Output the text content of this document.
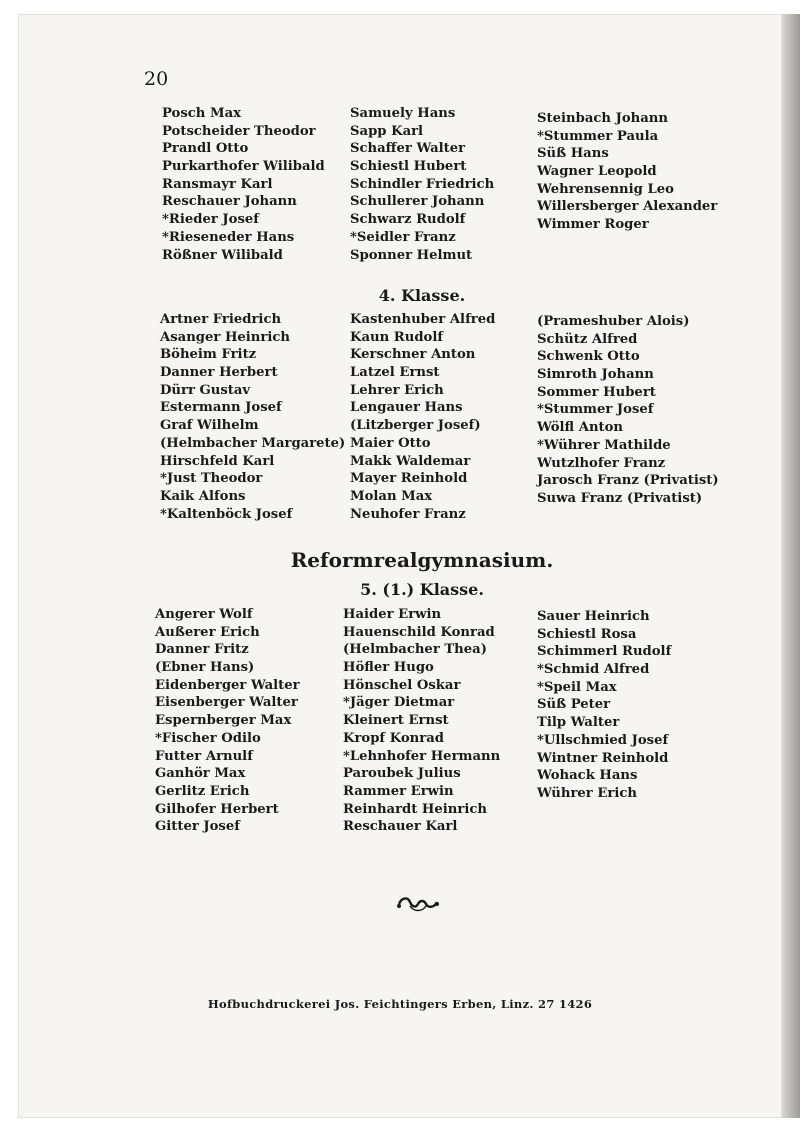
20
Posch Max
Potscheider Theodor
Prandl Otto
Purkarthofer Wilibald
Ransmayr Karl
Reschauer Johann
*Rieder Josef
*Rieseneder Hans
Rößner Wilibald
Samuely Hans
Sapp Karl
Schaffer Walter
Schiestl Hubert
Schindler Friedrich
Schullerer Johann
Schwarz Rudolf
*Seidler Franz
Sponner Helmut
Steinbach Johann
*Stummer Paula
Süß Hans
Wagner Leopold
Wehrensennig Leo
Willersberger Alexander
Wimmer Roger
4. Klasse.
Artner Friedrich
Asanger Heinrich
Böheim Fritz
Danner Herbert
Dürr Gustav
Estermann Josef
Graf Wilhelm
(Helmbacher Margarete)
Hirschfeld Karl
*Just Theodor
Kaik Alfons
*Kaltenböck Josef
Kastenhuber Alfred
Kaun Rudolf
Kerschner Anton
Latzel Ernst
Lehrer Erich
Lengauer Hans
(Litzberger Josef)
Maier Otto
Makk Waldemar
Mayer Reinhold
Molan Max
Neuhofer Franz
(Prameshuber Alois)
Schütz Alfred
Schwenk Otto
Simroth Johann
Sommer Hubert
*Stummer Josef
Wölfl Anton
*Wührer Mathilde
Wutzlhofer Franz
Jarosch Franz (Privatist)
Suwa Franz (Privatist)
Reformrealgymnasium.
5. (1.) Klasse.
Angerer Wolf
Außerer Erich
Danner Fritz
(Ebner Hans)
Eidenberger Walter
Eisenberger Walter
Espernberger Max
*Fischer Odilo
Futter Arnulf
Ganhör Max
Gerlitz Erich
Gilhofer Herbert
Gitter Josef
Haider Erwin
Hauenschild Konrad
(Helmbacher Thea)
Höfler Hugo
Hönschel Oskar
*Jäger Dietmar
Kleinert Ernst
Kropf Konrad
*Lehnhofer Hermann
Paroubek Julius
Rammer Erwin
Reinhardt Heinrich
Reschauer Karl
Sauer Heinrich
Schiestl Rosa
Schimmerl Rudolf
*Schmid Alfred
*Speil Max
Süß Peter
Tilp Walter
*Ullschmied Josef
Wintner Reinhold
Wohack Hans
Wührer Erich
Hofbuchdruckerei Jos. Feichtingers Erben, Linz. 27 1426
